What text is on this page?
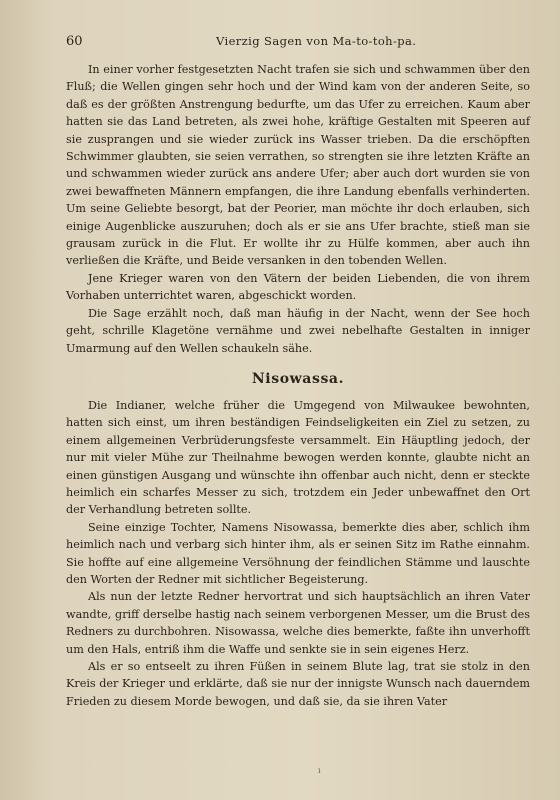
60	Vierzig Sagen von Ma-to-toh-pa.

In einer vorher festgesetzten Nacht trafen sie sich und schwammen über den Fluß; die Wellen gingen sehr hoch und der Wind kam von der anderen Seite, so daß es der größten Anstrengung bedurfte, um das Ufer zu erreichen. Kaum aber hatten sie das Land betreten, als zwei hohe, kräftige Gestalten mit Speeren auf sie zusprangen und sie wieder zurück ins Wasser trieben. Da die erschöpften Schwimmer glaubten, sie seien verrathen, so strengten sie ihre letzten Kräfte an und schwammen wieder zurück ans andere Ufer; aber auch dort wurden sie von zwei bewaffneten Männern empfangen, die ihre Landung ebenfalls verhinderten. Um seine Geliebte besorgt, bat der Peorier, man möchte ihr doch erlauben, sich einige Augenblicke auszuruhen; doch als er sie ans Ufer brachte, stieß man sie grausam zurück in die Flut. Er wollte ihr zu Hülfe kommen, aber auch ihn verließen die Kräfte, und Beide versanken in den tobenden Wellen.

Jene Krieger waren von den Vätern der beiden Liebenden, die von ihrem Vorhaben unterrichtet waren, abgeschickt worden.

Die Sage erzählt noch, daß man häufig in der Nacht, wenn der See hoch geht, schrille Klagetöne vernähme und zwei nebelhafte Gestalten in inniger Umarmung auf den Wellen schaukeln sähe.

Nisowassa.

Die Indianer, welche früher die Umgegend von Milwaukee bewohnten, hatten sich einst, um ihren beständigen Feindseligkeiten ein Ziel zu setzen, zu einem allgemeinen Verbrüderungsfeste versammelt. Ein Häuptling jedoch, der nur mit vieler Mühe zur Theilnahme bewogen werden konnte, glaubte nicht an einen günstigen Ausgang und wünschte ihn offenbar auch nicht, denn er steckte heimlich ein scharfes Messer zu sich, trotzdem ein Jeder unbewaffnet den Ort der Verhandlung betreten sollte.

Seine einzige Tochter, Namens Nisowassa, bemerkte dies aber, schlich ihm heimlich nach und verbarg sich hinter ihm, als er seinen Sitz im Rathe einnahm. Sie hoffte auf eine allgemeine Versöhnung der feindlichen Stämme und lauschte den Worten der Redner mit sichtlicher Begeisterung.

Als nun der letzte Redner hervortrat und sich hauptsächlich an ihren Vater wandte, griff derselbe hastig nach seinem verborgenen Messer, um die Brust des Redners zu durchbohren. Nisowassa, welche dies bemerkte, faßte ihn unverhofft um den Hals, entriß ihm die Waffe und senkte sie in sein eigenes Herz.

Als er so entseelt zu ihren Füßen in seinem Blute lag, trat sie stolz in den Kreis der Krieger und erklärte, daß sie nur der innigste Wunsch nach dauerndem Frieden zu diesem Morde bewogen, und daß sie, da sie ihren Vater

ı
